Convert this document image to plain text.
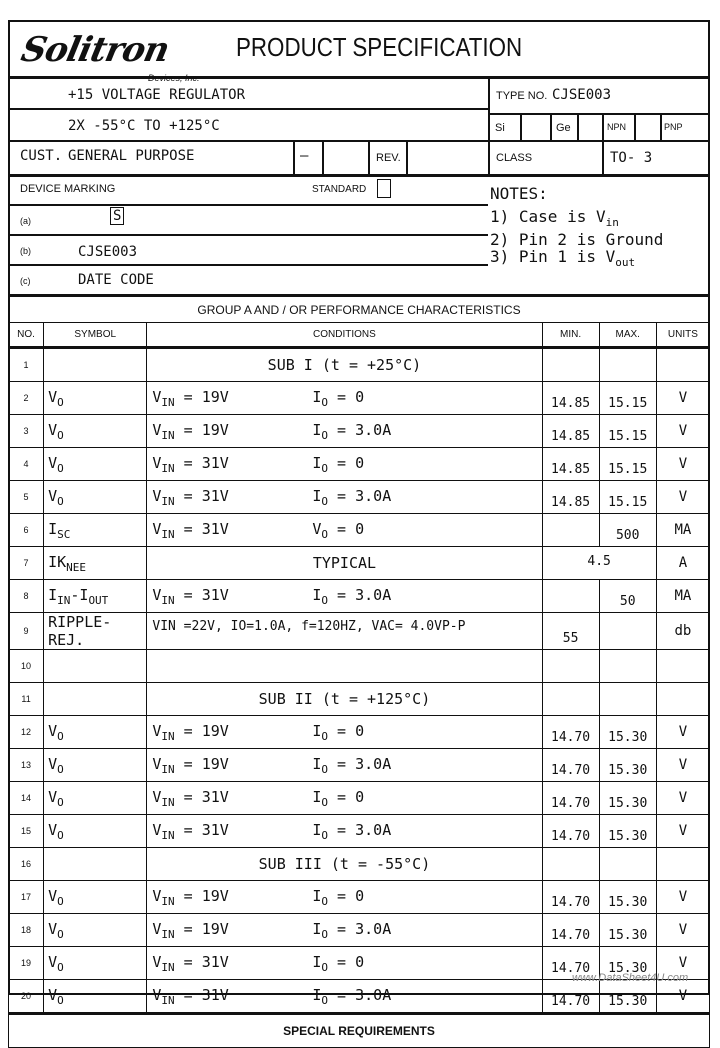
Solitron
Devices, Inc.
PRODUCT SPECIFICATION
+15 VOLTAGE REGULATOR
2X -55°C TO +125°C
CUST. GENERAL PURPOSE	–	REV.
TYPE NO. CJSE003
Si	Ge	NPN	PNP
CLASS	TO- 3
DEVICE MARKING	STANDARD
(a)	S
(b)	CJSE003
(c)	DATE CODE
NOTES:
1) Case is $V_{in}$
2) Pin 2 is Ground
3) Pin 1 is $V_{out}$
GROUP A AND / OR PERFORMANCE CHARACTERISTICS
NO.	SYMBOL	CONDITIONS	MIN.	MAX.	UNITS
1		SUB I (t = +25°C)			

2	$V_O$	$V_{IN} = 19V$ $I_O = 0$	14.85	15.15	V
3	$V_O$	$V_{IN} = 19V$ $I_O = 3.0A$	14.85	15.15	V
4	$V_O$	$V_{IN} = 31V$ $I_O = 0$	14.85	15.15	V
5	$V_O$	$V_{IN} = 31V$ $I_O = 3.0A$	14.85	15.15	V
6	$I_{SC}$	$V_{IN} = 31V$ $V_O = 0$		500	MA
7	$IK_{NEE}$	TYPICAL	4.5		A
8	$I_{IN}-I_{OUT}$	$V_{IN} = 31V$ $I_O = 3.0A$		50	MA
9	RIPPLE-REJ.	VIN =22V, IO=1.0A, f=120HZ, VAC= 4.0VP-P	55		db
10					
11		SUB II (t = +125°C)			

12	$V_O$	$V_{IN} = 19V$ $I_O = 0$	14.70	15.30	V
13	$V_O$	$V_{IN} = 19V$ $I_O = 3.0A$	14.70	15.30	V
14	$V_O$	$V_{IN} = 31V$ $I_O = 0$	14.70	15.30	V
15	$V_O$	$V_{IN} = 31V$ $I_O = 3.0A$	14.70	15.30	V
16		SUB III (t = -55°C)			

17	$V_O$	$V_{IN} = 19V$ $I_O = 0$	14.70	15.30	V
18	$V_O$	$V_{IN} = 19V$ $I_O = 3.0A$	14.70	15.30	V
19	$V_O$	$V_{IN} = 31V$ $I_O = 0$	14.70	15.30	V
20	$V_O$	$V_{IN} = 31V$ $I_O = 3.0A$	14.70	15.30	V
SPECIAL REQUIREMENTS					
www.DataSheet4U.com
